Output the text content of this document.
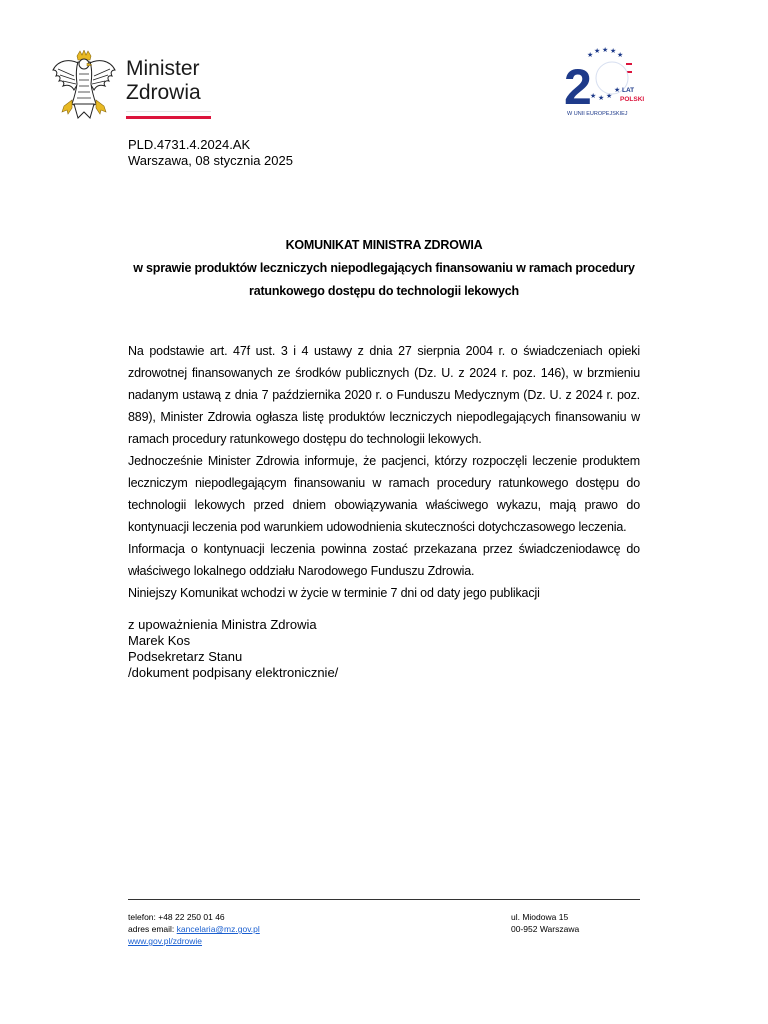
Minister
Zdrowia
★ ★ ★ ★
★
★
★
★
★
2	LAT
POLSKI
W UNII EUROPEJSKIEJ
PLD.4731.4.2024.AK
Warszawa, 08 stycznia 2025
KOMUNIKAT MINISTRA ZDROWIA
w sprawie produktów leczniczych niepodlegających finansowaniu w ramach procedury
ratunkowego dostępu do technologii lekowych

Na podstawie art. 47f ust. 3 i 4 ustawy z dnia 27 sierpnia 2004 r. o świadczeniach opieki zdrowotnej finansowanych ze środków publicznych (Dz. U. z 2024 r. poz. 146), w brzmieniu nadanym ustawą z dnia 7 października 2020 r. o Funduszu Medycznym (Dz. U. z 2024 r. poz. 889), Minister Zdrowia ogłasza listę produktów leczniczych niepodlegających finansowaniu w ramach procedury ratunkowego dostępu do technologii lekowych.

Jednocześnie Minister Zdrowia informuje, że pacjenci, którzy rozpoczęli leczenie produktem leczniczym niepodlegającym finansowaniu w ramach procedury ratunkowego dostępu do technologii lekowych przed dniem obowiązywania właściwego wykazu, mają prawo do kontynuacji leczenia pod warunkiem udowodnienia skuteczności dotychczasowego leczenia.

Informacja o kontynuacji leczenia powinna zostać przekazana przez świadczeniodawcę do właściwego lokalnego oddziału Narodowego Funduszu Zdrowia.

Niniejszy Komunikat wchodzi w życie w terminie 7 dni od daty jego publikacji

z upoważnienia Ministra Zdrowia
Marek Kos
Podsekretarz Stanu
/dokument podpisany elektronicznie/
telefon: +48 22 250 01 46
adres email: kancelaria@mz.gov.pl
www.gov.pl/zdrowie
ul. Miodowa 15
00-952 Warszawa
